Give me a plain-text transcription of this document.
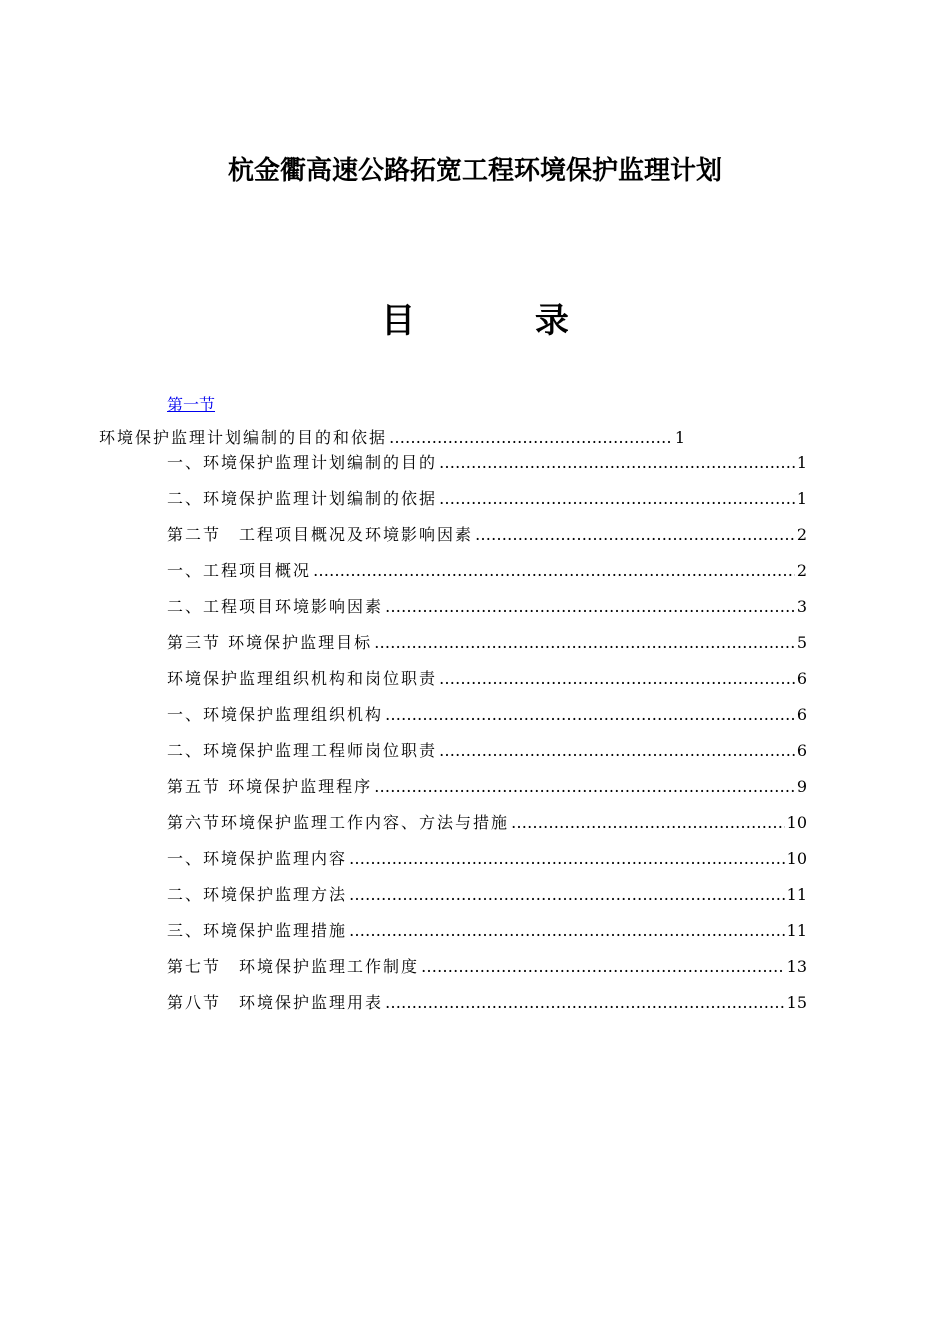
杭金衢高速公路拓宽工程环境保护监理计划
目	录
第一节
环境保护监理计划编制的目的和依据 ……………………………………………………………………………………………………………………………………………………………	1
一、环境保护监理计划编制的目的 ……………………………………………………………………………………………………………………………………………………………	1
二、环境保护监理计划编制的依据 ……………………………………………………………………………………………………………………………………………………………	1
第二节　工程项目概况及环境影响因素 ……………………………………………………………………………………………………………………………………………………………	2
一、工程项目概况 ……………………………………………………………………………………………………………………………………………………………	2
二、工程项目环境影响因素 ……………………………………………………………………………………………………………………………………………………………	3
第三节 环境保护监理目标 ……………………………………………………………………………………………………………………………………………………………	5
环境保护监理组织机构和岗位职责 ……………………………………………………………………………………………………………………………………………………………	6
一、环境保护监理组织机构 ……………………………………………………………………………………………………………………………………………………………	6
二、环境保护监理工程师岗位职责 ……………………………………………………………………………………………………………………………………………………………	6
第五节 环境保护监理程序 ……………………………………………………………………………………………………………………………………………………………	9
第六节环境保护监理工作内容、方法与措施 ……………………………………………………………………………………………………………………………………………………………	10
一、环境保护监理内容 ……………………………………………………………………………………………………………………………………………………………	10
二、环境保护监理方法 ……………………………………………………………………………………………………………………………………………………………	11
三、环境保护监理措施 ……………………………………………………………………………………………………………………………………………………………	11
第七节　环境保护监理工作制度 ……………………………………………………………………………………………………………………………………………………………	13
第八节　环境保护监理用表 ……………………………………………………………………………………………………………………………………………………………	15
